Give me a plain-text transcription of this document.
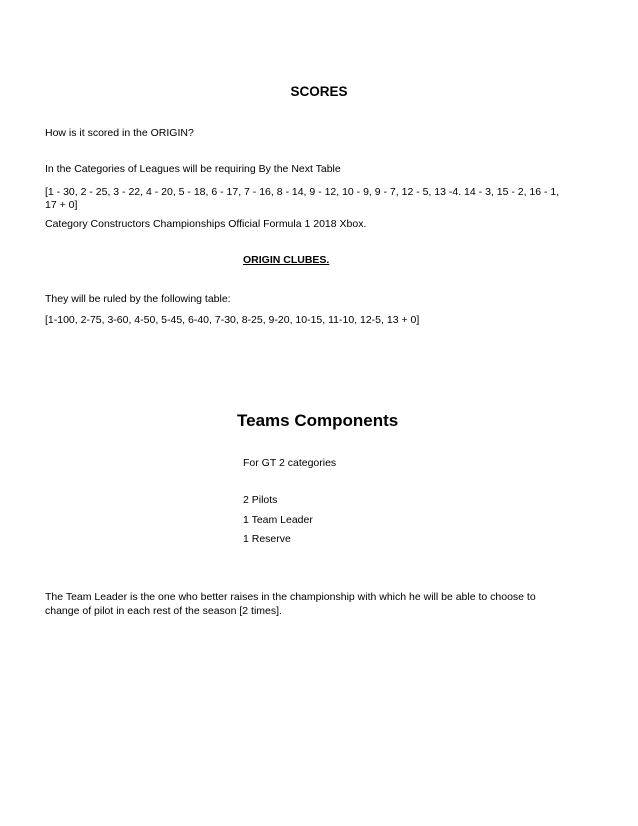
SCORES
How is it scored in the ORIGIN?
In the Categories of Leagues will be requiring By the Next Table
[1 - 30, 2 - 25, 3 - 22, 4 - 20, 5 - 18, 6 - 17, 7 - 16, 8 - 14, 9 - 12, 10 - 9, 9 - 7, 12 - 5, 13 -4. 14 - 3, 15 - 2, 16 - 1,
17 + 0]
Category Constructors Championships Official Formula 1 2018 Xbox.
ORIGIN CLUBES.
They will be ruled by the following table:
[1-100, 2-75, 3-60, 4-50, 5-45, 6-40, 7-30, 8-25, 9-20, 10-15, 11-10, 12-5, 13 + 0]
Teams Components
For GT 2 categories
2 Pilots
1 Team Leader
1 Reserve
The Team Leader is the one who better raises in the championship with which he will be able to choose to
change of pilot in each rest of the season [2 times].
